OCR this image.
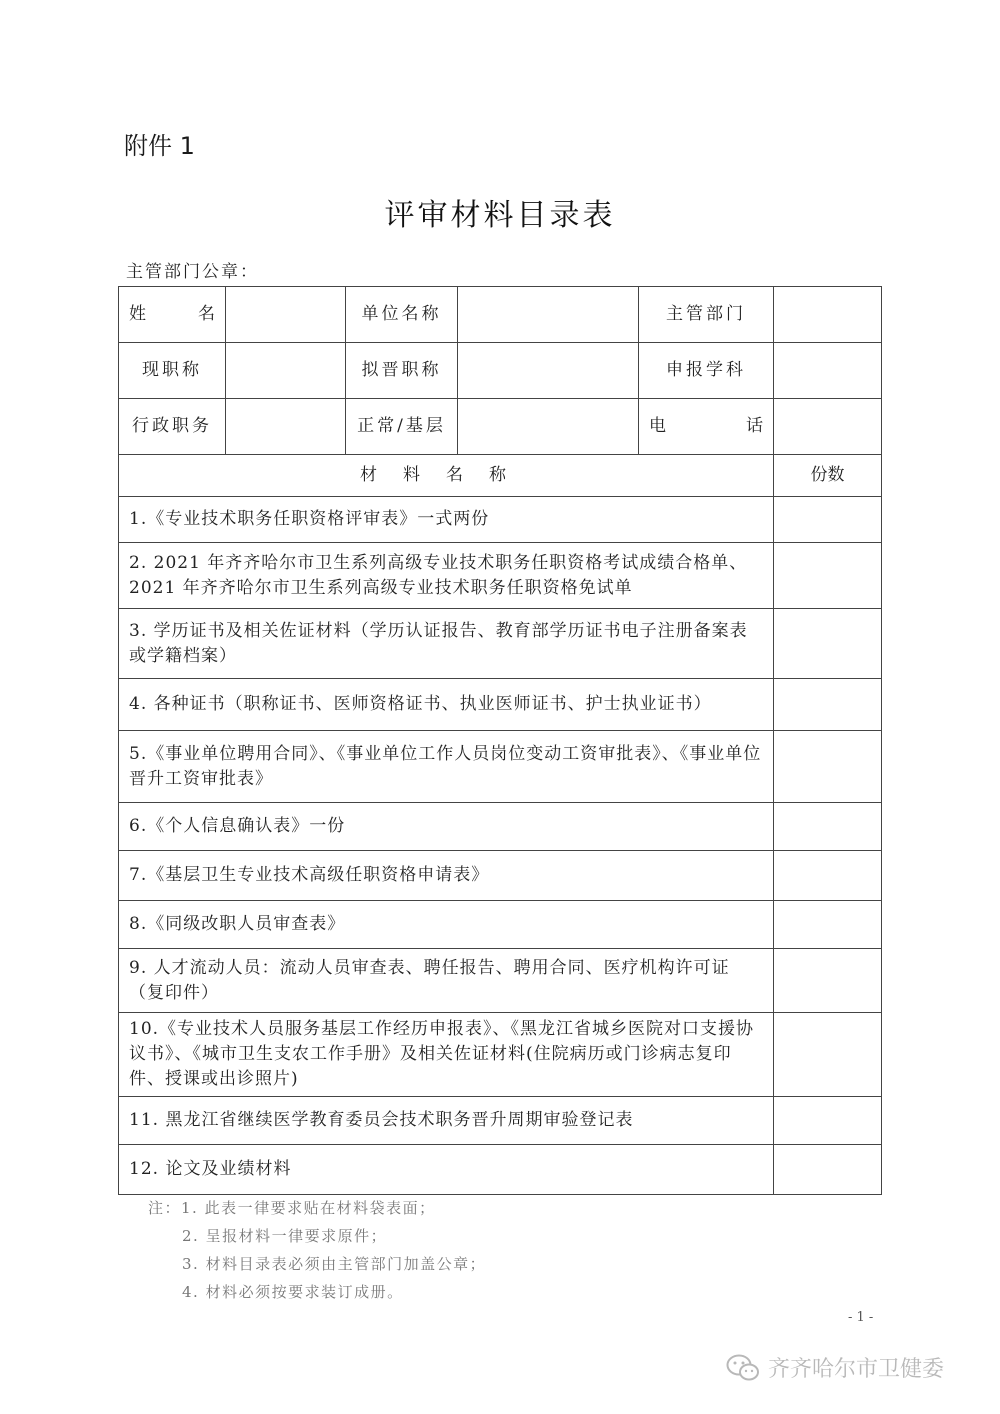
附件 1
评审材料目录表
主管部门公章：
姓 名		单位名称		主管部门	
现职称		拟晋职称		申报学科	
行政职务		正常/基层		电 话	
材料名称					份数
1.《专业技术职务任职资格评审表》一式两份					
2. 2021 年齐齐哈尔市卫生系列高级专业技术职务任职资格考试成绩合格单、2021 年齐齐哈尔市卫生系列高级专业技术职务任职资格免试单					
3. 学历证书及相关佐证材料（学历认证报告、教育部学历证书电子注册备案表或学籍档案）					
4. 各种证书（职称证书、医师资格证书、执业医师证书、护士执业证书）					
5.《事业单位聘用合同》、《事业单位工作人员岗位变动工资审批表》、《事业单位晋升工资审批表》					
6.《个人信息确认表》一份					
7.《基层卫生专业技术高级任职资格申请表》					
8.《同级改职人员审查表》					
9. 人才流动人员：流动人员审查表、聘任报告、聘用合同、医疗机构许可证（复印件）					
10.《专业技术人员服务基层工作经历申报表》、《黑龙江省城乡医院对口支援协议书》、《城市卫生支农工作手册》及相关佐证材料(住院病历或门诊病志复印件、授课或出诊照片)					
11. 黑龙江省继续医学教育委员会技术职务晋升周期审验登记表					
12. 论文及业绩材料					
注：1. 此表一律要求贴在材料袋表面；
2. 呈报材料一律要求原件；
3. 材料目录表必须由主管部门加盖公章；
4. 材料必须按要求装订成册。
- 1 -
齐齐哈尔市卫健委
